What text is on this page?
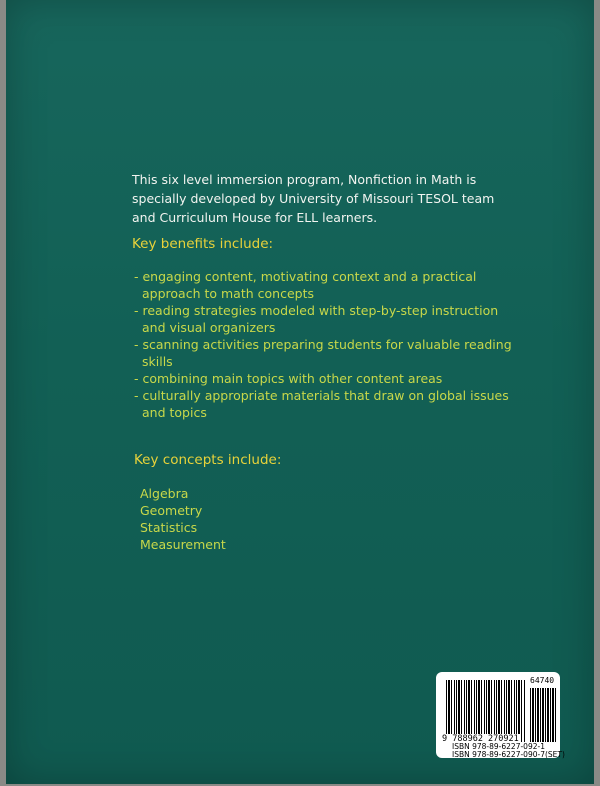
This six level immersion program, Nonfiction in Math is specially developed by University of Missouri TESOL team and Curriculum House for ELL learners.
Key benefits include:
- engaging content, motivating context and a practical approach to math concepts
- reading strategies modeled with step-by-step instruction and visual organizers
- scanning activities preparing students for valuable reading skills
- combining main topics with other content areas
- culturally appropriate materials that draw on global issues and topics
Key concepts include:
Algebra
Geometry
Statistics
Measurement
64740
9 788962 270921
ISBN 978-89-6227-092-1
ISBN 978-89-6227-090-7(SET)
